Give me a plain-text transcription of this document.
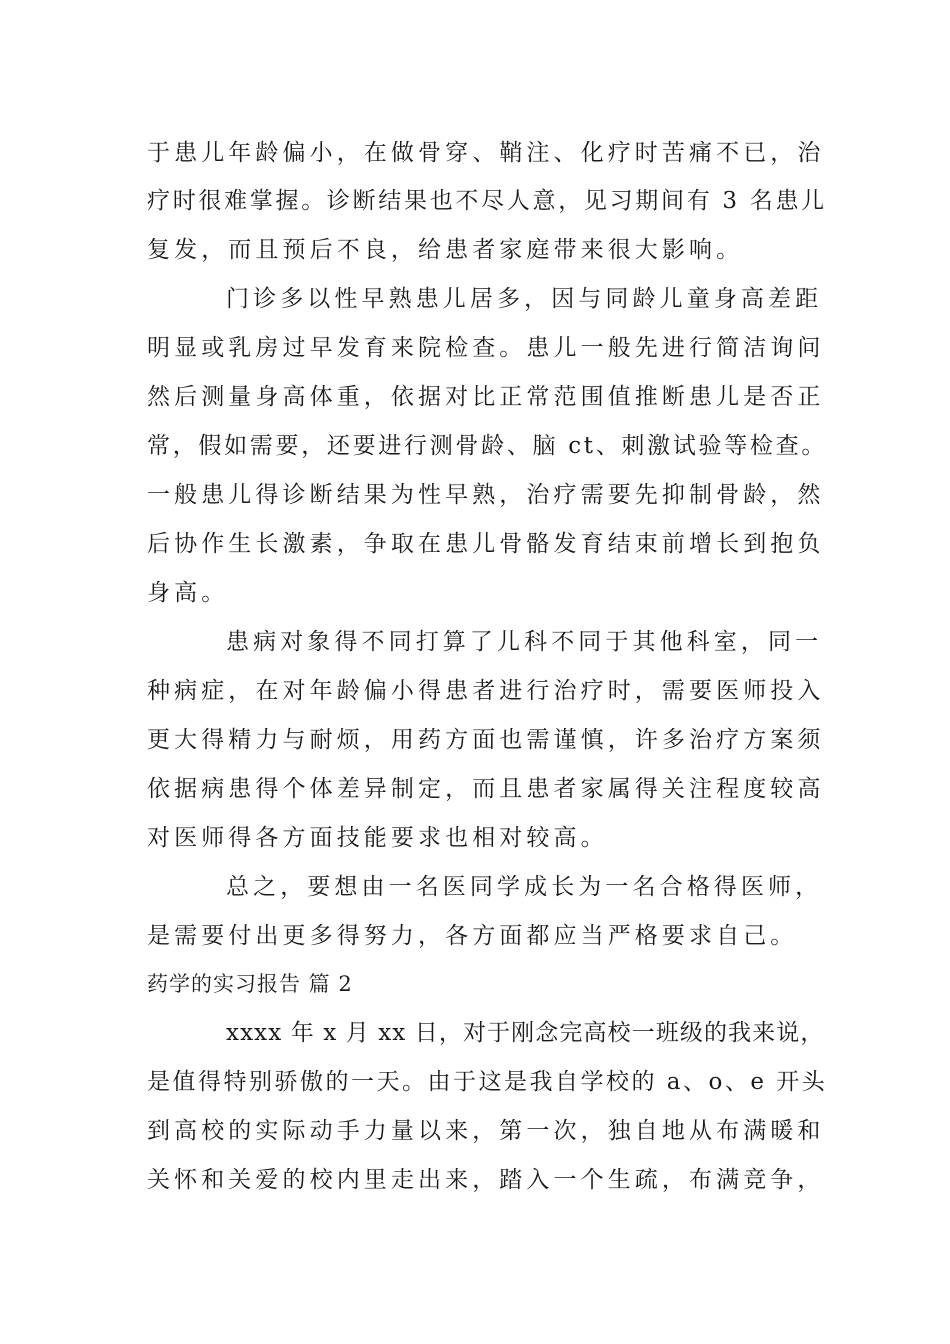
于患儿年龄偏小，在做骨穿、鞘注、化疗时苦痛不已，治
疗时很难掌握。诊断结果也不尽人意，见习期间有 3 名患儿
复发，而且预后不良，给患者家庭带来很大影响。
门诊多以性早熟患儿居多，因与同龄儿童身高差距
明显或乳房过早发育来院检查。患儿一般先进行简洁询问
然后测量身高体重，依据对比正常范围值推断患儿是否正
常，假如需要，还要进行测骨龄、脑 ct、刺激试验等检查。
一般患儿得诊断结果为性早熟，治疗需要先抑制骨龄，然
后协作生长激素，争取在患儿骨骼发育结束前增长到抱负
身高。
患病对象得不同打算了儿科不同于其他科室，同一
种病症，在对年龄偏小得患者进行治疗时，需要医师投入
更大得精力与耐烦，用药方面也需谨慎，许多治疗方案须
依据病患得个体差异制定，而且患者家属得关注程度较高
对医师得各方面技能要求也相对较高。
总之，要想由一名医同学成长为一名合格得医师，
是需要付出更多得努力，各方面都应当严格要求自己。
药学的实习报告 篇 2
xxxx 年 x 月 xx 日，对于刚念完高校一班级的我来说，
是值得特别骄傲的一天。由于这是我自学校的 a、o、e 开头
到高校的实际动手力量以来，第一次，独自地从布满暖和
关怀和关爱的校内里走出来，踏入一个生疏，布满竞争，
